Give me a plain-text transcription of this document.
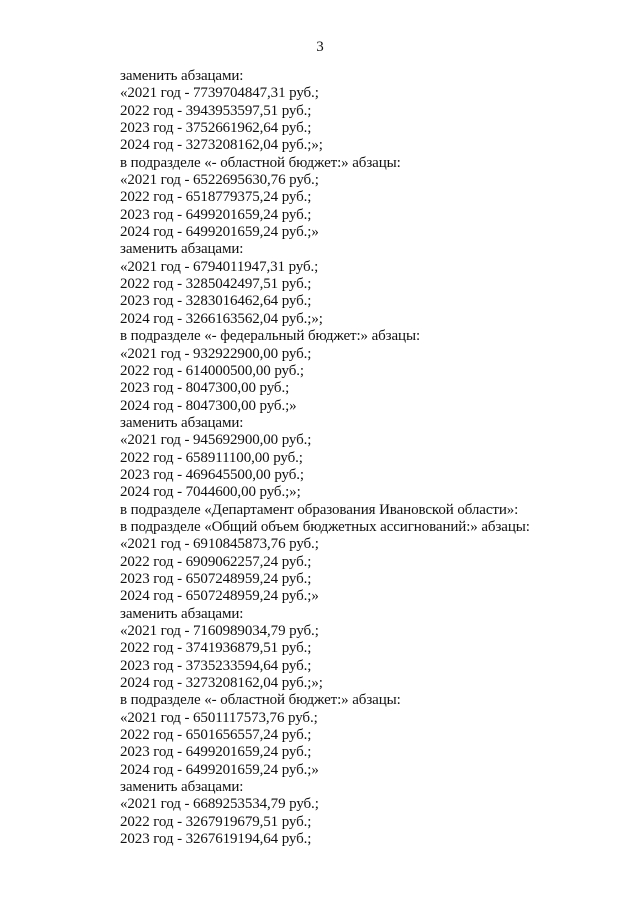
3
заменить абзацами:
«2021 год - 7739704847,31 руб.;
2022 год - 3943953597,51 руб.;
2023 год - 3752661962,64 руб.;
2024 год - 3273208162,04 руб.;»;
в подразделе «- областной бюджет:» абзацы:
«2021 год - 6522695630,76 руб.;
2022 год - 6518779375,24 руб.;
2023 год - 6499201659,24 руб.;
2024 год - 6499201659,24 руб.;»
заменить абзацами:
«2021 год - 6794011947,31 руб.;
2022 год - 3285042497,51 руб.;
2023 год - 3283016462,64 руб.;
2024 год - 3266163562,04 руб.;»;
в подразделе «- федеральный бюджет:» абзацы:
«2021 год - 932922900,00 руб.;
2022 год - 614000500,00 руб.;
2023 год - 8047300,00 руб.;
2024 год - 8047300,00 руб.;»
заменить абзацами:
«2021 год - 945692900,00 руб.;
2022 год - 658911100,00 руб.;
2023 год - 469645500,00 руб.;
2024 год - 7044600,00 руб.;»;
в подразделе «Департамент образования Ивановской области»:
в подразделе «Общий объем бюджетных ассигнований:» абзацы:
«2021 год - 6910845873,76 руб.;
2022 год - 6909062257,24 руб.;
2023 год - 6507248959,24 руб.;
2024 год - 6507248959,24 руб.;»
заменить абзацами:
«2021 год - 7160989034,79 руб.;
2022 год - 3741936879,51 руб.;
2023 год - 3735233594,64 руб.;
2024 год - 3273208162,04 руб.;»;
в подразделе «- областной бюджет:» абзацы:
«2021 год - 6501117573,76 руб.;
2022 год - 6501656557,24 руб.;
2023 год - 6499201659,24 руб.;
2024 год - 6499201659,24 руб.;»
заменить абзацами:
«2021 год - 6689253534,79 руб.;
2022 год - 3267919679,51 руб.;
2023 год - 3267619194,64 руб.;
